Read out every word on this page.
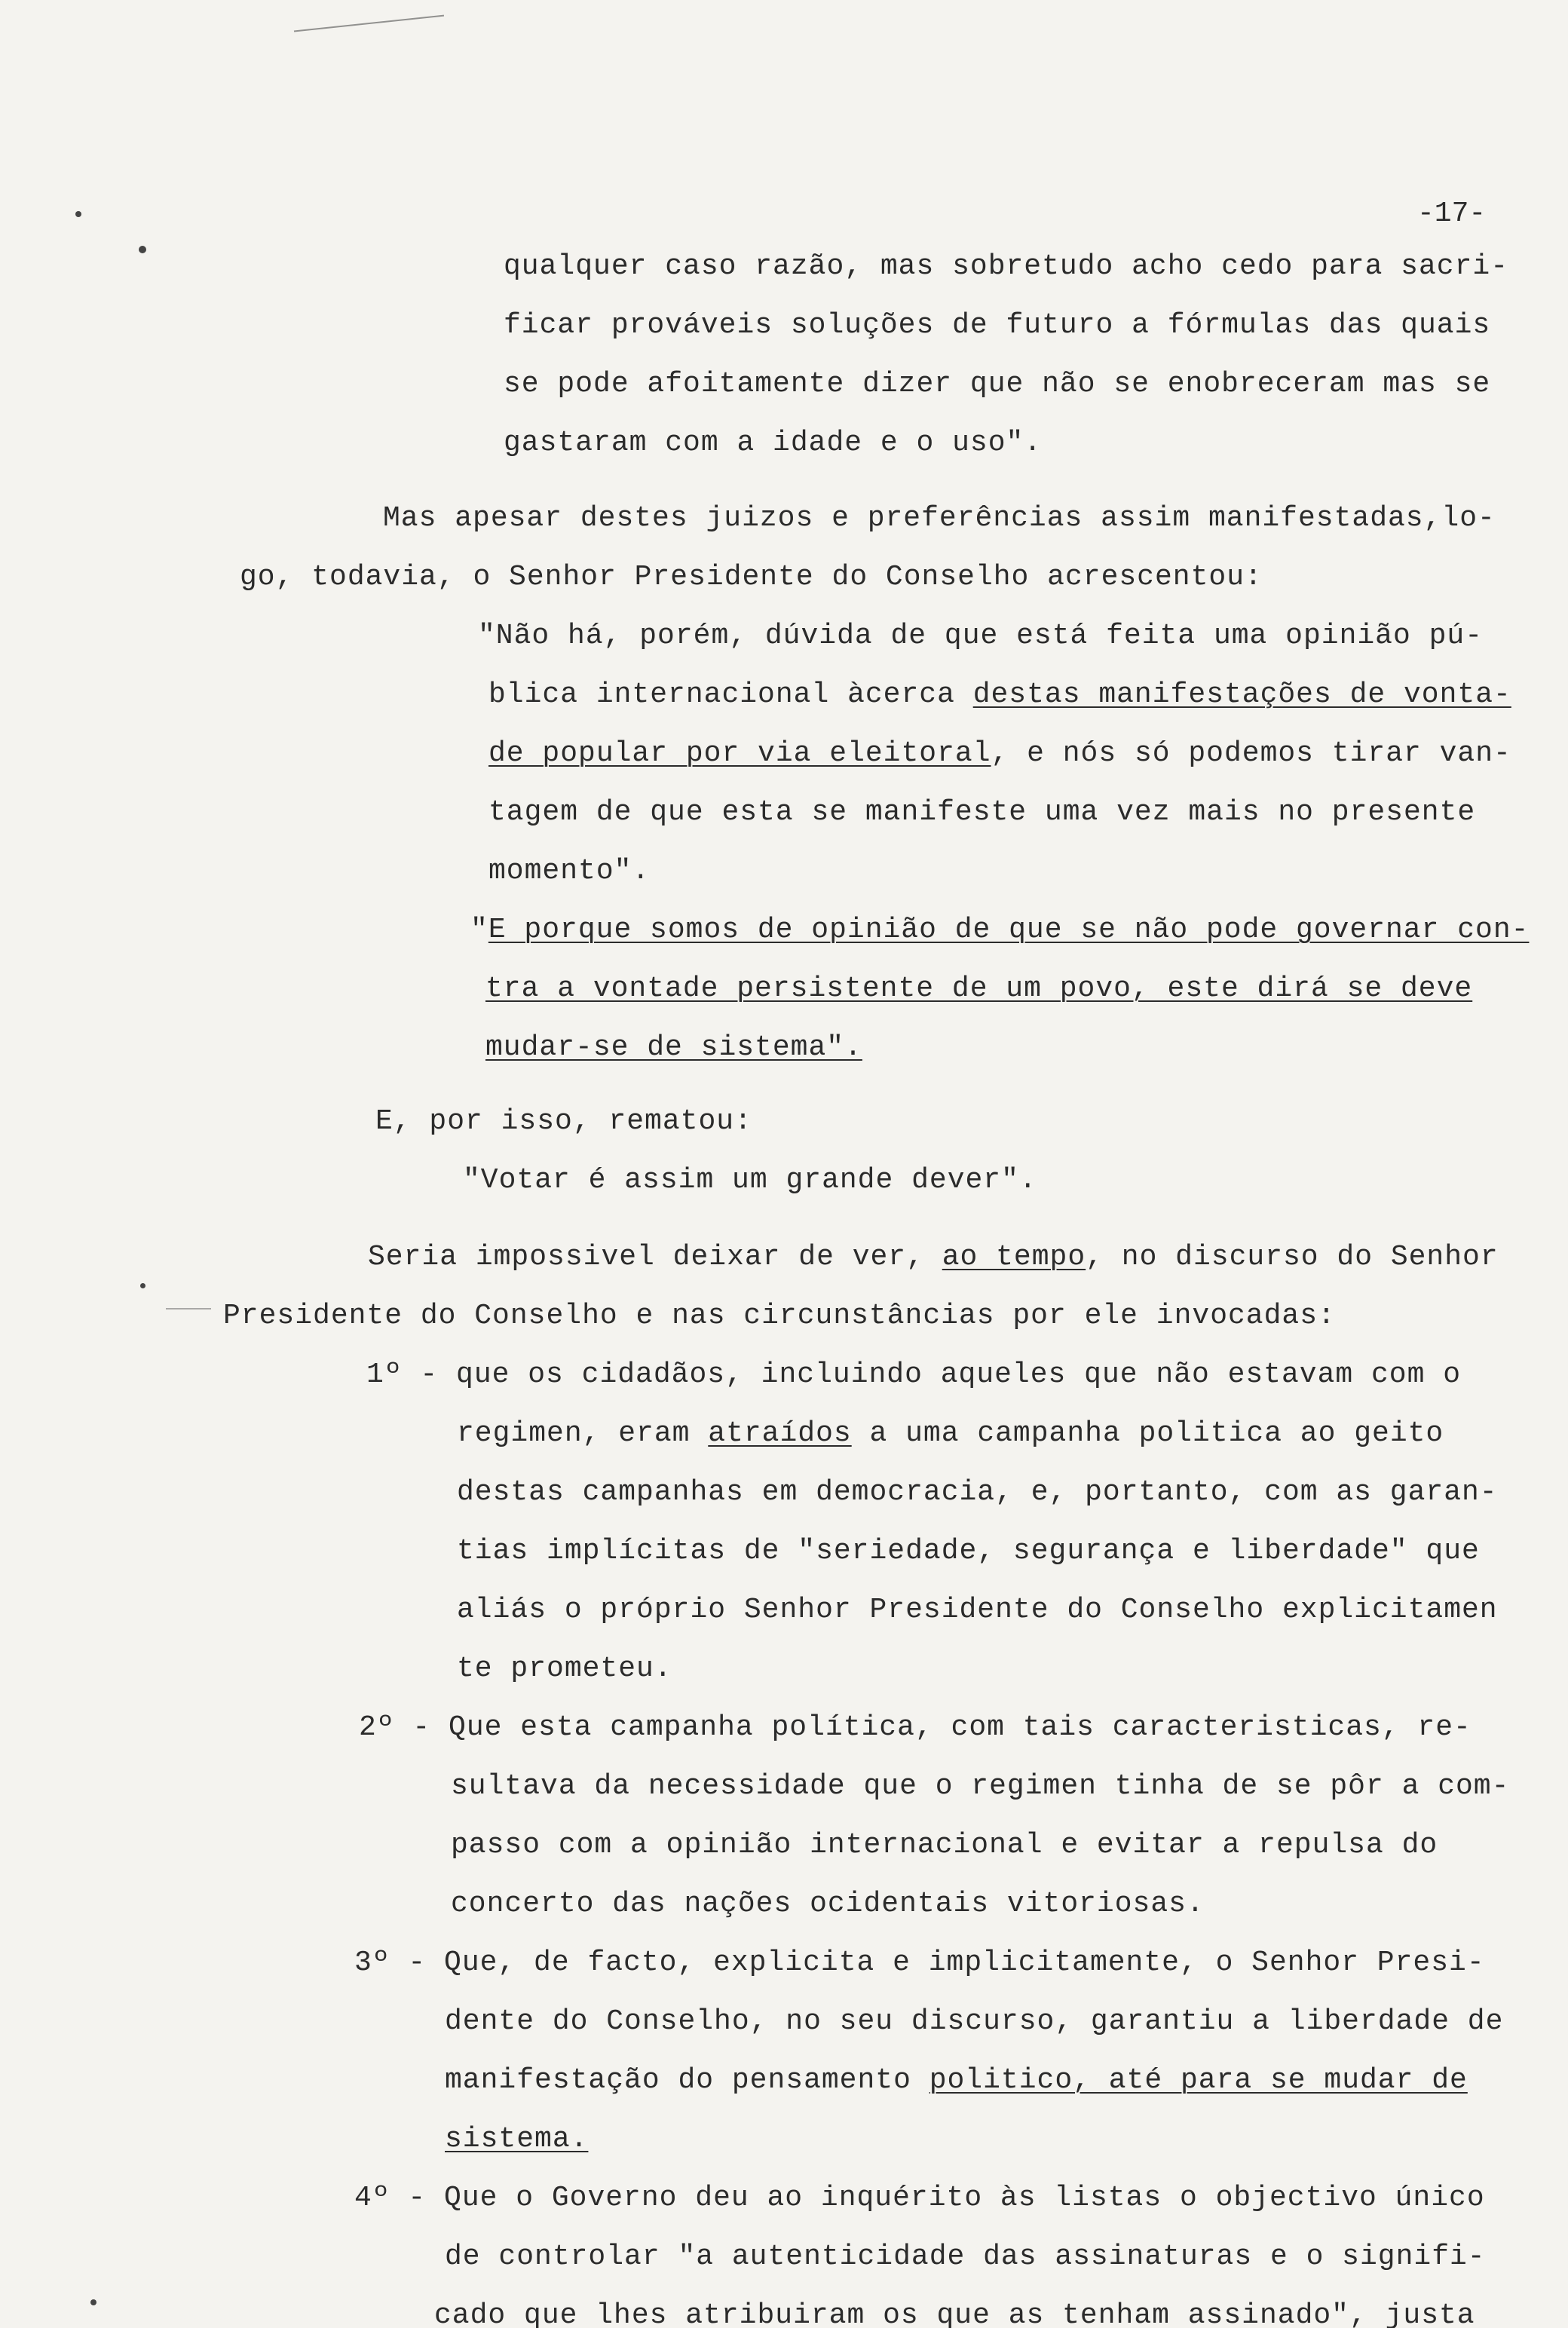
-17-
qualquer caso razão, mas sobretudo acho cedo para sacri-
ficar prováveis soluções de futuro a fórmulas das quais
se pode afoitamente dizer que não se enobreceram mas se
gastaram com a idade e o uso".
Mas apesar destes juizos e preferências assim manifestadas,lo-
go, todavia, o Senhor Presidente do Conselho acrescentou:
"Não há, porém, dúvida de que está feita uma opinião pú-
blica internacional àcerca destas manifestações de vonta-
de popular por via eleitoral, e nós só podemos tirar van-
tagem de que esta se manifeste uma vez mais no presente
momento".
"E porque somos de opinião de que se não pode governar con-
tra a vontade persistente de um povo, este dirá se deve
mudar-se de sistema".
E, por isso, rematou:
"Votar é assim um grande dever".
Seria impossivel deixar de ver, ao tempo, no discurso do Senhor
Presidente do Conselho e nas circunstâncias por ele invocadas:
1º - que os cidadãos, incluindo aqueles que não estavam com o
regimen, eram atraídos a uma campanha politica ao geito
destas campanhas em democracia, e, portanto, com as garan-
tias implícitas de "seriedade, segurança e liberdade" que
aliás o próprio Senhor Presidente do Conselho explicitamen
te prometeu.
2º - Que esta campanha política, com tais caracteristicas, re-
sultava da necessidade que o regimen tinha de se pôr a com-
passo com a opinião internacional e evitar a repulsa do
concerto das nações ocidentais vitoriosas.
3º - Que, de facto, explicita e implicitamente, o Senhor Presi-
dente do Conselho, no seu discurso, garantiu a liberdade de
manifestação do pensamento politico, até para se mudar de
sistema.
4º - Que o Governo deu ao inquérito às listas o objectivo único
de controlar "a autenticidade das assinaturas e o signifi-
cado que lhes atribuiram os que as tenham assinado", justa
